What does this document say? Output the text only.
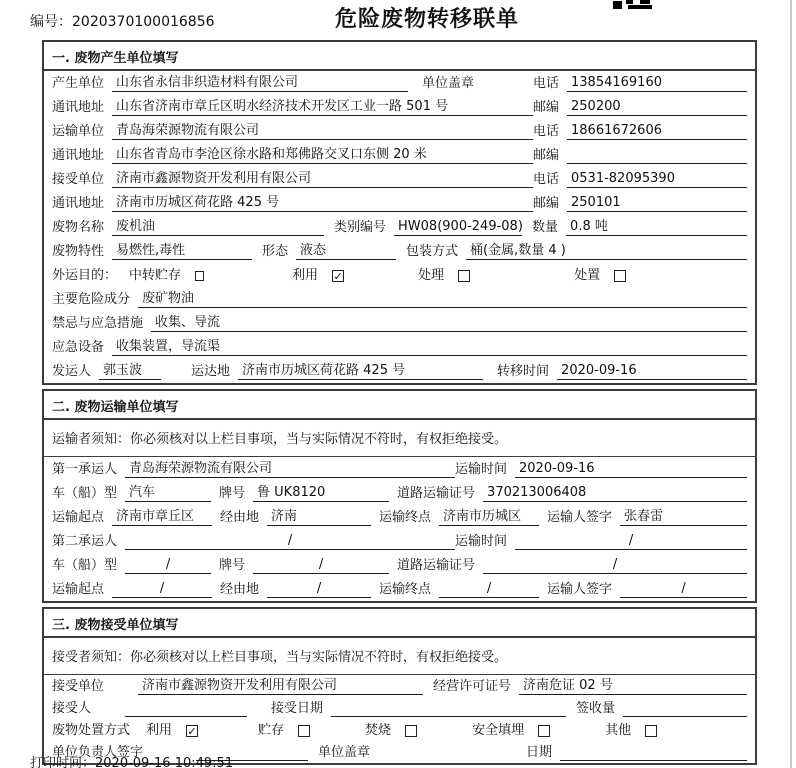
编号：2020370100016856	危险废物转移联单
一. 废物产生单位填写
产生单位 山东省永信非织造材料有限公司	单位盖章	电话 13854169160
通讯地址 山东省济南市章丘区明水经济技术开发区工业一路 501 号	邮编 250200
运输单位 青岛海荣源物流有限公司	电话 18661672606
通讯地址 山东省青岛市李沧区徐水路和郑佛路交叉口东侧 20 米	邮编
接受单位 济南市鑫源物资开发利用有限公司	电话 0531-82095390
通讯地址 济南市历城区荷花路 425 号	邮编 250101
废物名称 废机油	类别编号 HW08(900-249-08) 数量 0.8 吨
废物特性 易燃性,毒性	形态 液态	包装方式 桶(金属,数量 4 )
外运目的： 中转贮存	利用 ✓	处理	处置
主要危险成分 废矿物油
禁忌与应急措施 收集、导流
应急设备 收集装置，导流渠
发运人 郭玉波	运达地 济南市历城区荷花路 425 号	转移时间 2020-09-16
二. 废物运输单位填写
运输者须知：你必须核对以上栏目事项，当与实际情况不符时，有权拒绝接受。
第一承运人 青岛海荣源物流有限公司	运输时间 2020-09-16
车（船）型 汽车	牌号 鲁 UK8120	道路运输证号 370213006408
运输起点 济南市章丘区	经由地 济南	运输终点 济南市历城区	运输人签字 张春雷
第二承运人	/	运输时间	/
车（船）型	/	牌号	/	道路运输证号	/
运输起点	/	经由地	/	运输终点	/	运输人签字	/
三. 废物接受单位填写
接受者须知：你必须核对以上栏目事项，当与实际情况不符时，有权拒绝接受。
接受单位	济南市鑫源物资开发利用有限公司	经营许可证号 济南危证 02 号
接受人	接受日期	签收量
废物处置方式 利用 ✓	贮存	焚烧	安全填埋	其他
单位负责人签字	单位盖章	日期
打印时间：2020-09-16 10:49:51
